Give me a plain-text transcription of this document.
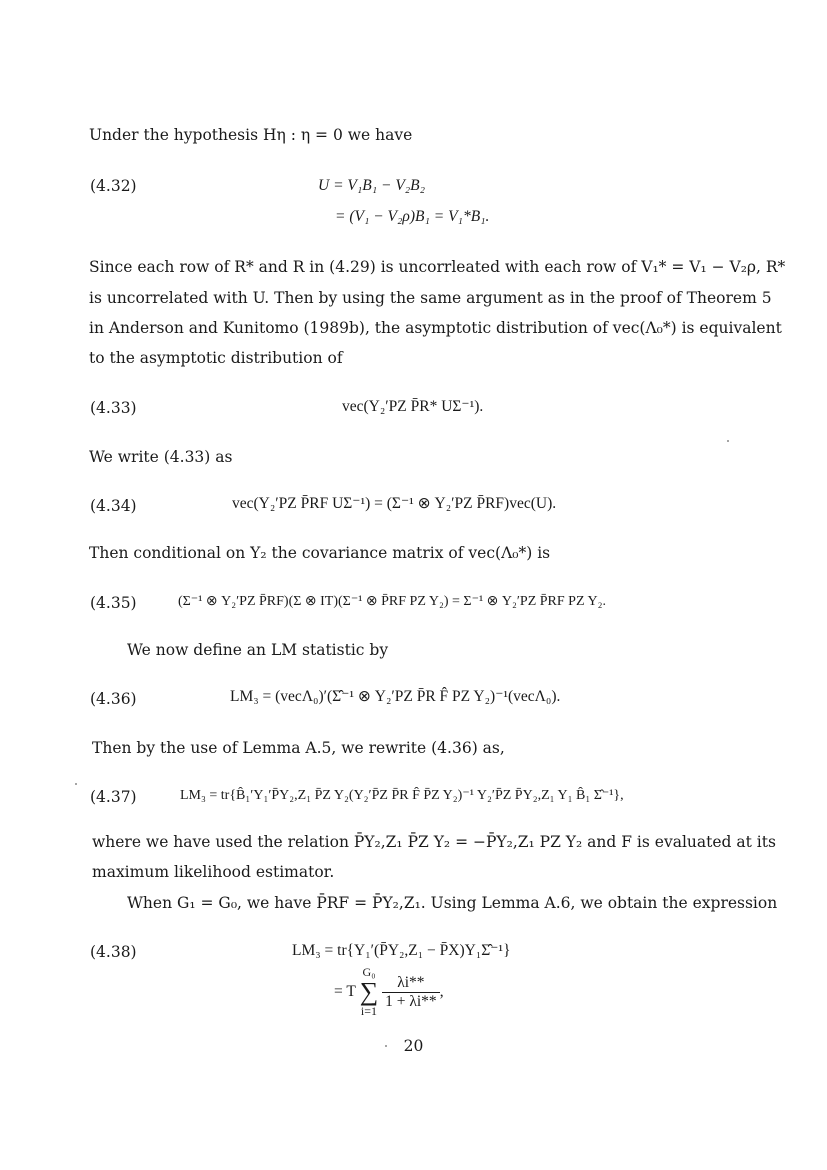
Under the hypothesis Hη : η = 0 we have
(4.32)	U = V₁B₁ − V₂B₂
= (V₁ − V₂ρ)B₁ = V₁*B₁.
Since each row of R* and R in (4.29) is uncorrleated with each row of V₁* = V₁ − V₂ρ, R*
is uncorrelated with U. Then by using the same argument as in the proof of Theorem 5
in Anderson and Kunitomo (1989b), the asymptotic distribution of vec(Λ₀*) is equivalent
to the asymptotic distribution of
(4.33)	vec(Y₂′PZ P̄R* UΣ⁻¹).
We write (4.33) as
(4.34)	vec(Y₂′PZ P̄RF UΣ⁻¹) = (Σ⁻¹ ⊗ Y₂′PZ P̄RF)vec(U).
Then conditional on Y₂ the covariance matrix of vec(Λ₀*) is
(4.35)	(Σ⁻¹ ⊗ Y₂′PZ P̄RF)(Σ ⊗ IT)(Σ⁻¹ ⊗ P̄RF PZ Y₂) = Σ⁻¹ ⊗ Y₂′PZ P̄RF PZ Y₂.
We now define an LM statistic by
(4.36)	LM₃ = (vecΛ₀)′(Σ̂⁻¹ ⊗ Y₂′PZ P̄R F̂ PZ Y₂)⁻¹(vecΛ₀).
Then by the use of Lemma A.5, we rewrite (4.36) as,
(4.37)	LM₃ = tr{B̂₁′Y₁′P̄Y₂,Z₁ P̄Z Y₂(Y₂′P̄Z P̄R F̂ P̄Z Y₂)⁻¹ Y₂′P̄Z P̄Y₂,Z₁ Y₁ B̂₁ Σ̂⁻¹},
where we have used the relation P̄Y₂,Z₁ P̄Z Y₂ = −P̄Y₂,Z₁ PZ Y₂ and F is evaluated at its
maximum likelihood estimator.
When G₁ = G₀, we have P̄RF = P̄Y₂,Z₁. Using Lemma A.6, we obtain the expression
(4.38)	LM₃ = tr{Y₁′(P̄Y₂,Z₁ − P̄X)Y₁Σ̂⁻¹}
= T G₀
∑
i=1
$\frac{\lambda i**}{1 + \lambda i**}$ ,
20
